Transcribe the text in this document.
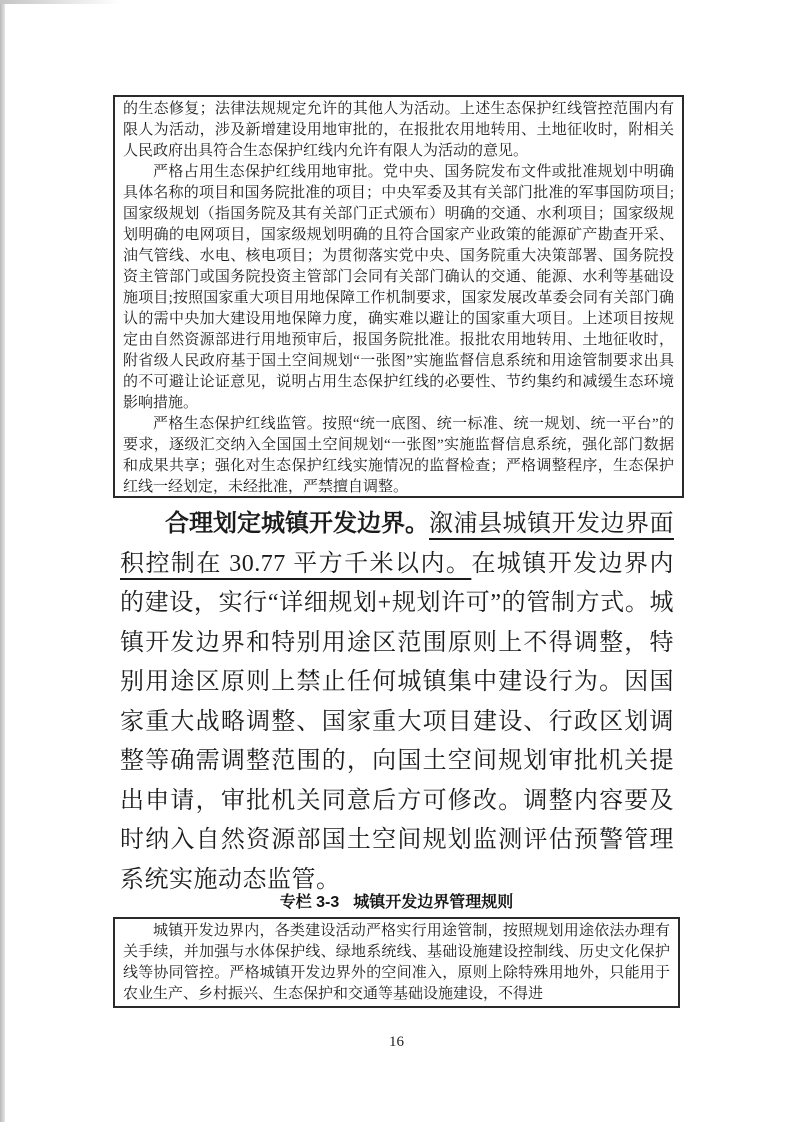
的生态修复；法律法规规定允许的其他人为活动。上述生态保护红线管控范围内有限人为活动，涉及新增建设用地审批的，在报批农用地转用、土地征收时，附相关人民政府出具符合生态保护红线内允许有限人为活动的意见。

严格占用生态保护红线用地审批。党中央、国务院发布文件或批准规划中明确具体名称的项目和国务院批准的项目；中央军委及其有关部门批准的军事国防项目;国家级规划（指国务院及其有关部门正式颁布）明确的交通、水利项目；国家级规划明确的电网项目，国家级规划明确的且符合国家产业政策的能源矿产勘查开采、油气管线、水电、核电项目；为贯彻落实党中央、国务院重大决策部署、国务院投资主管部门或国务院投资主管部门会同有关部门确认的交通、能源、水利等基础设施项目;按照国家重大项目用地保障工作机制要求，国家发展改革委会同有关部门确认的需中央加大建设用地保障力度，确实难以避让的国家重大项目。上述项目按规定由自然资源部进行用地预审后，报国务院批准。报批农用地转用、土地征收时，附省级人民政府基于国土空间规划“一张图”实施监督信息系统和用途管制要求出具的不可避让论证意见，说明占用生态保护红线的必要性、节约集约和减缓生态环境影响措施。

严格生态保护红线监管。按照“统一底图、统一标准、统一规划、统一平台”的要求，逐级汇交纳入全国国土空间规划“一张图”实施监督信息系统，强化部门数据和成果共享；强化对生态保护红线实施情况的监督检查；严格调整程序，生态保护红线一经划定，未经批准，严禁擅自调整。

合理划定城镇开发边界。溆浦县城镇开发边界面积控制在 30.77 平方千米以内。在城镇开发边界内的建设，实行“详细规划+规划许可”的管制方式。城镇开发边界和特别用途区范围原则上不得调整，特别用途区原则上禁止任何城镇集中建设行为。因国家重大战略调整、国家重大项目建设、行政区划调整等确需调整范围的，向国土空间规划审批机关提出申请，审批机关同意后方可修改。调整内容要及时纳入自然资源部国土空间规划监测评估预警管理系统实施动态监管。

专栏 3-3 城镇开发边界管理规则

城镇开发边界内，各类建设活动严格实行用途管制，按照规划用途依法办理有关手续，并加强与水体保护线、绿地系统线、基础设施建设控制线、历史文化保护线等协同管控。严格城镇开发边界外的空间准入，原则上除特殊用地外，只能用于农业生产、乡村振兴、生态保护和交通等基础设施建设，不得进

16
